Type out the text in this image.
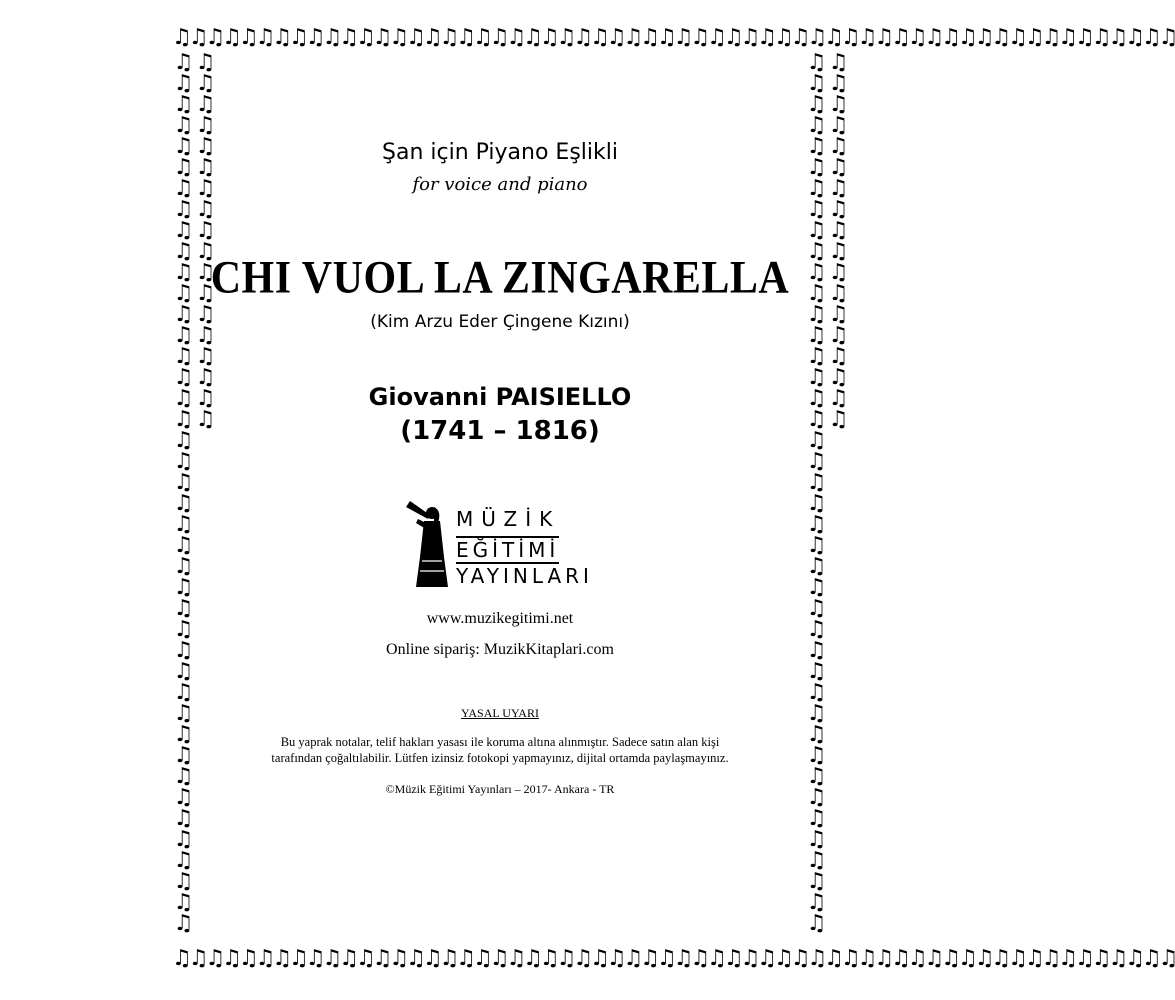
♫♫♫♫♫♫♫♫♫♫♫♫♫♫♫♫♫♫♫♫♫♫♫♫♫♫♫♫♫♫♫♫♫♫♫♫♫♫♫♫♫♫♫♫♫♫♫♫♫♫♫♫♫♫♫♫♫♫♫♫
♫♫♫♫♫♫♫♫♫♫♫♫♫♫♫♫♫♫♫♫♫♫♫♫♫♫♫♫♫♫♫♫♫♫♫♫♫♫♫♫♫♫♫♫♫♫♫♫♫♫♫♫♫♫♫♫♫♫♫♫
♫♫♫♫♫♫♫♫♫♫♫♫♫♫♫♫♫♫♫♫♫♫♫♫♫♫♫♫♫♫♫♫♫♫♫♫♫♫♫♫♫♫♫♫♫♫♫♫♫♫♫♫♫♫♫♫♫♫♫♫	♫♫♫♫♫♫♫♫♫♫♫♫♫♫♫♫♫♫♫♫♫♫♫♫♫♫♫♫♫♫♫♫♫♫♫♫♫♫♫♫♫♫♫♫♫♫♫♫♫♫♫♫♫♫♫♫♫♫♫♫
Şan için Piyano Eşlikli
for voice and piano
CHI VUOL LA ZINGARELLA
(Kim Arzu Eder Çingene Kızını)
Giovanni PAISIELLO
(1741 – 1816)
MÜZİK
EĞİTİMİ
YAYINLARI
www.muzikegitimi.net
Online sipariş: MuzikKitaplari.com
YASAL UYARI
Bu yaprak notalar, telif hakları yasası ile koruma altına alınmıştır. Sadece satın alan kişi
tarafından çoğaltılabilir. Lütfen izinsiz fotokopi yapmayınız, dijital ortamda paylaşmayınız.
©Müzik Eğitimi Yayınları – 2017- Ankara - TR
